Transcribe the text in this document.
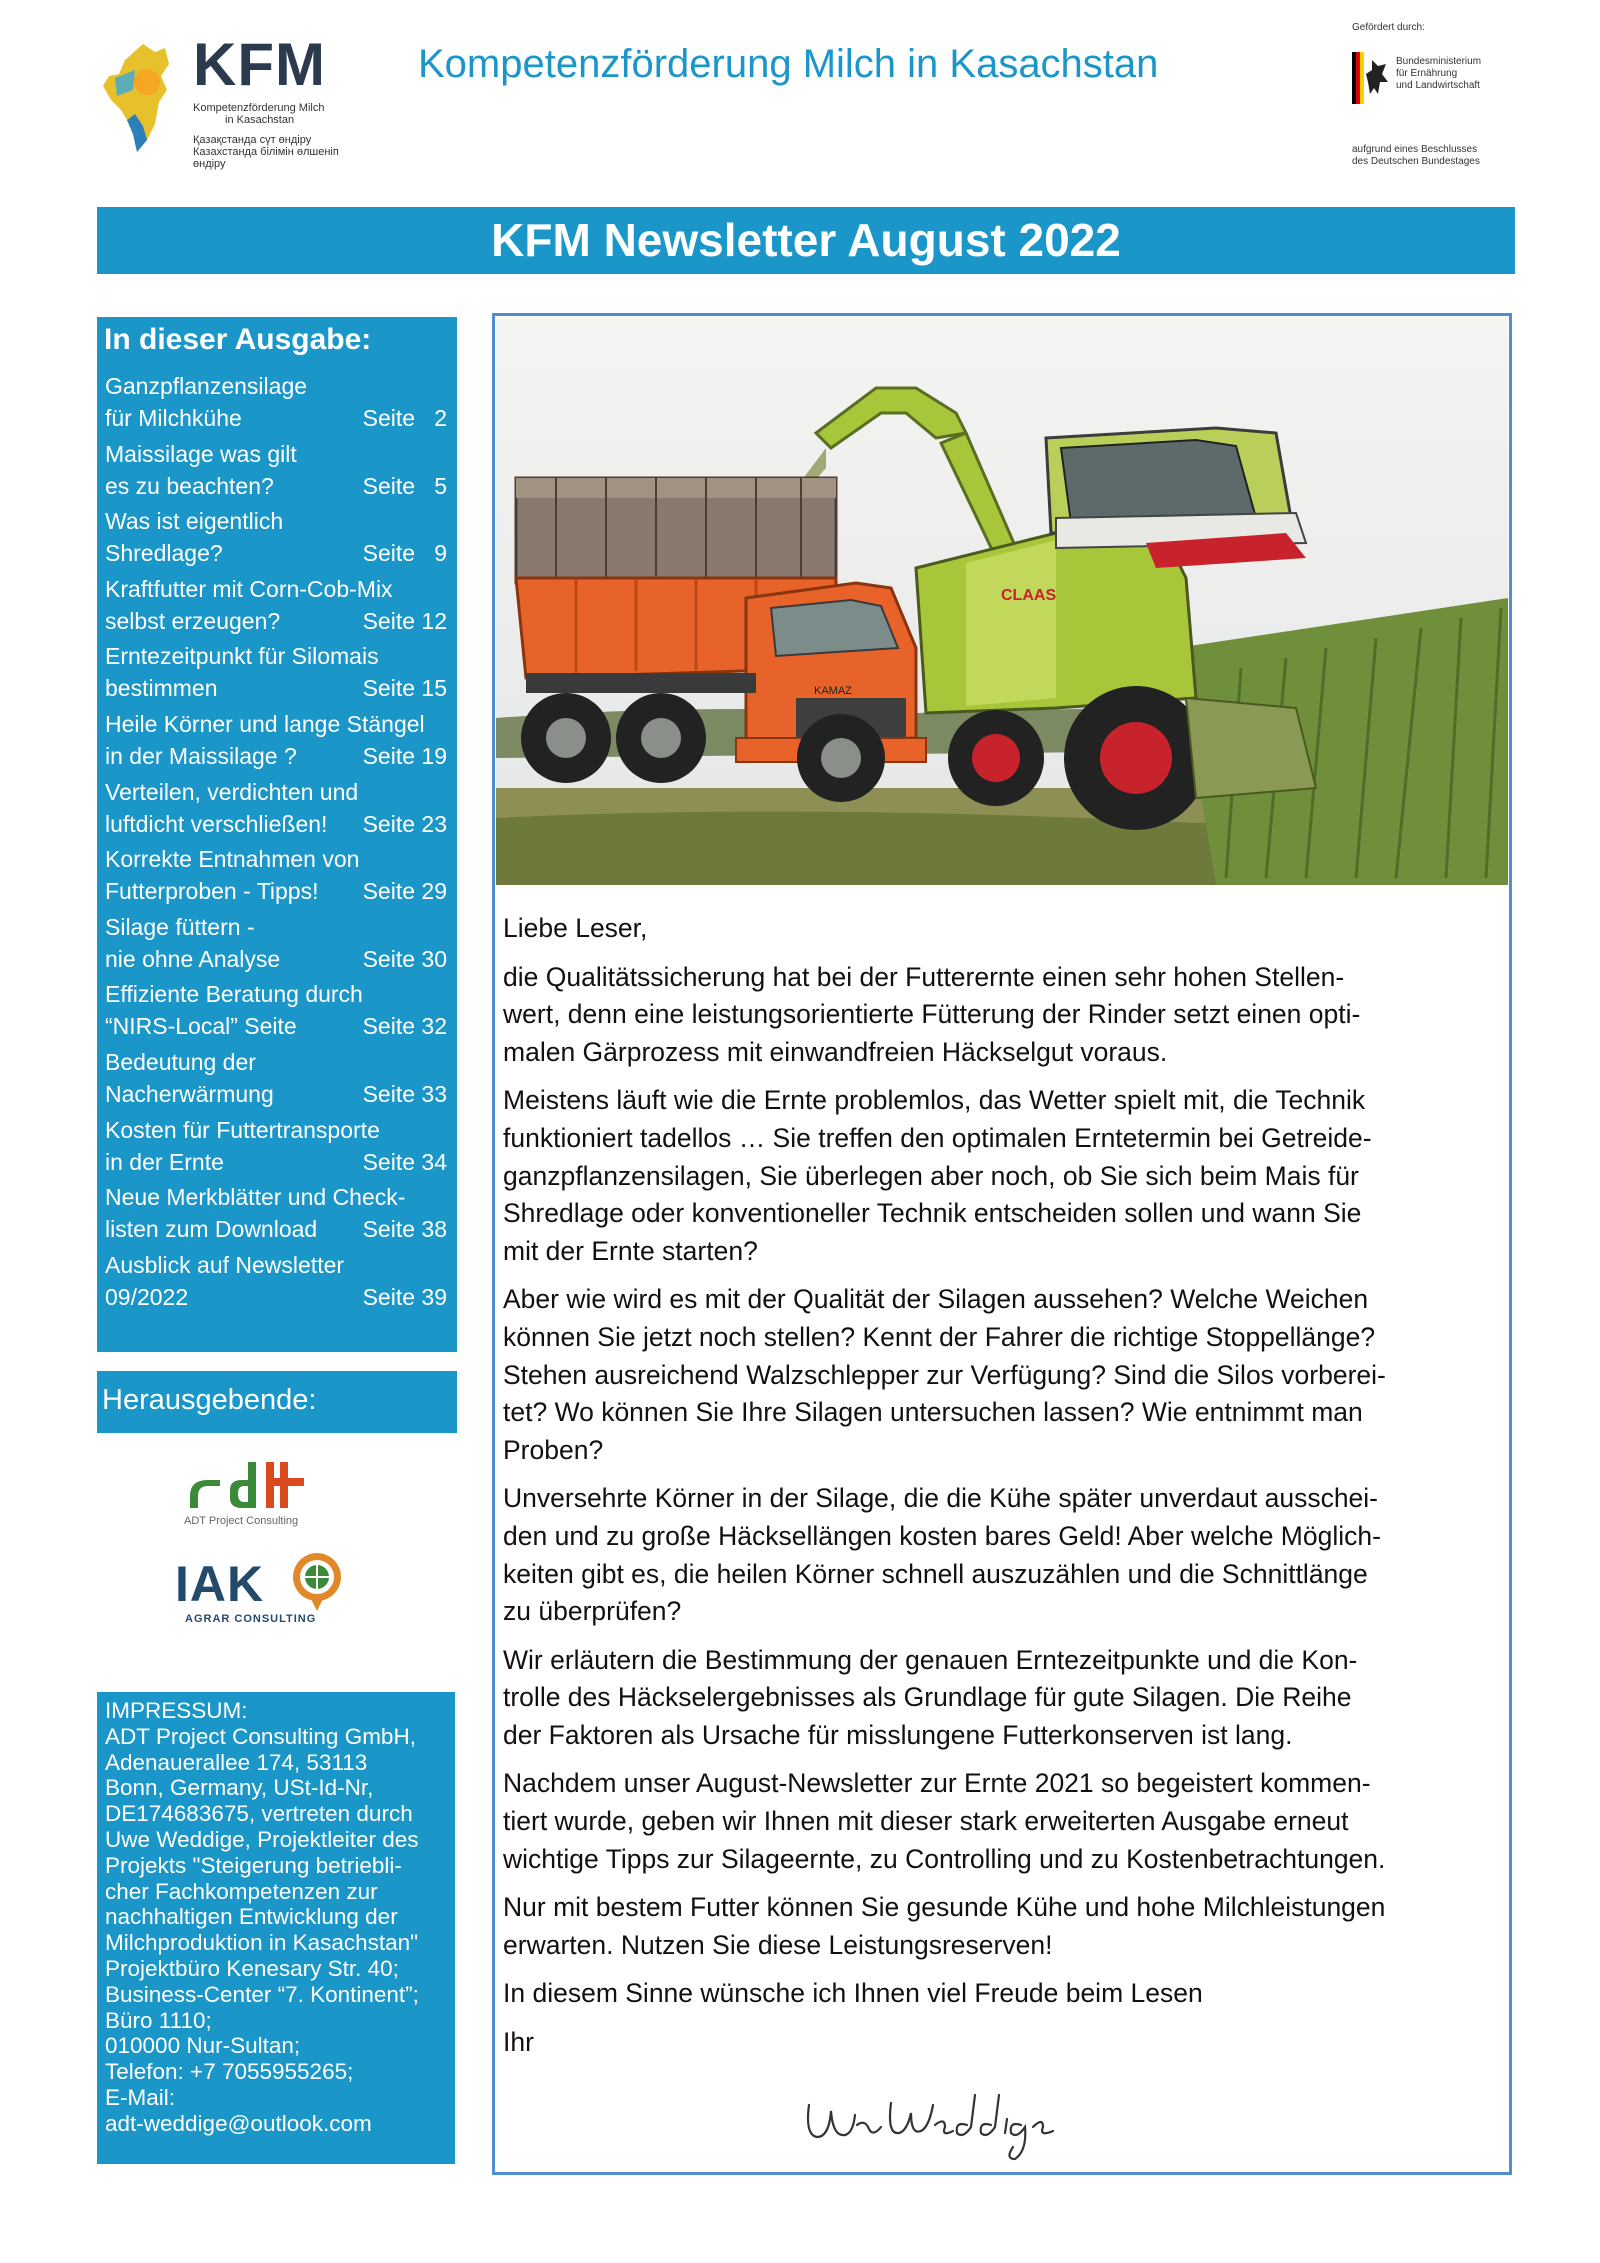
KFM
Kompetenzförderung Milch
in Kasachstan
Қазақстанда сүт өндіру
Казахстанда білімін өлшеніп өндіру
Kompetenzförderung Milch in Kasachstan
Gefördert durch:
Bundesministerium
für Ernährung
und Landwirtschaft
aufgrund eines Beschlusses
des Deutschen Bundestages
KFM Newsletter August 2022
In dieser Ausgabe:
Ganzpflanzensilage
für Milchkühe	Seite   2
Maissilage was gilt
es zu beachten?	Seite   5
Was ist eigentlich
Shredlage?	Seite   9
Kraftfutter mit Corn-Cob-Mix
selbst erzeugen?	Seite 12
Erntezeitpunkt für Silomais
bestimmen	Seite 15
Heile Körner und lange Stängel
in der Maissilage ?	Seite 19
Verteilen, verdichten und
luftdicht verschließen! Seite 23
Korrekte Entnahmen von
Futterproben - Tipps! Seite 29
Silage füttern -
nie ohne Analyse	Seite 30
Effiziente Beratung durch
“NIRS-Local” Seite	Seite 32
Bedeutung der
Nacherwärmung	Seite 33
Kosten für Futtertransporte
in der Ernte	Seite 34
Neue Merkblätter und Check-
listen zum Download Seite 38
Ausblick auf Newsletter
09/2022	Seite 39
Herausgebende:
ADT Project Consulting
IAK
AGRAR CONSULTING
IMPRESSUM:
ADT Project Consulting GmbH,
Adenauerallee 174, 53113
Bonn, Germany, USt-Id-Nr,
DE174683675, vertreten durch
Uwe Weddige, Projektleiter des
Projekts "Steigerung betriebli-
cher Fachkompetenzen zur
nachhaltigen Entwicklung der
Milchproduktion in Kasachstan"
Projektbüro Kenesary Str. 40;
Business-Center “7. Kontinent”;
Büro 1110;
010000 Nur-Sultan;
Telefon: +7 7055955265;
E-Mail:
adt-weddige@outlook.com
KAMAZ
CLAAS

Liebe Leser,

die Qualitätssicherung hat bei der Futterernte einen sehr hohen Stellen-
wert, denn eine leistungsorientierte Fütterung der Rinder setzt einen opti-
malen Gärprozess mit einwandfreien Häckselgut voraus.

Meistens läuft wie die Ernte problemlos, das Wetter spielt mit, die Technik
funktioniert tadellos … Sie treffen den optimalen Erntetermin bei Getreide-
ganzpflanzensilagen, Sie überlegen aber noch, ob Sie sich beim Mais für
Shredlage oder konventioneller Technik entscheiden sollen und wann Sie
mit der Ernte starten?

Aber wie wird es mit der Qualität der Silagen aussehen? Welche Weichen
können Sie jetzt noch stellen? Kennt der Fahrer die richtige Stoppellänge?
Stehen ausreichend Walzschlepper zur Verfügung? Sind die Silos vorberei-
tet? Wo können Sie Ihre Silagen untersuchen lassen? Wie entnimmt man
Proben?

Unversehrte Körner in der Silage, die die Kühe später unverdaut ausschei-
den und zu große Häcksellängen kosten bares Geld! Aber welche Möglich-
keiten gibt es, die heilen Körner schnell auszuzählen und die Schnittlänge
zu überprüfen?

Wir erläutern die Bestimmung der genauen Erntezeitpunkte und die Kon-
trolle des Häckselergebnisses als Grundlage für gute Silagen. Die Reihe
der Faktoren als Ursache für misslungene Futterkonserven ist lang.

Nachdem unser August-Newsletter zur Ernte 2021 so begeistert kommen-
tiert wurde, geben wir Ihnen mit dieser stark erweiterten Ausgabe erneut
wichtige Tipps zur Silageernte, zu Controlling und zu Kostenbetrachtungen.

Nur mit bestem Futter können Sie gesunde Kühe und hohe Milchleistungen
erwarten. Nutzen Sie diese Leistungsreserven!

In diesem Sinne wünsche ich Ihnen viel Freude beim Lesen

Ihr
